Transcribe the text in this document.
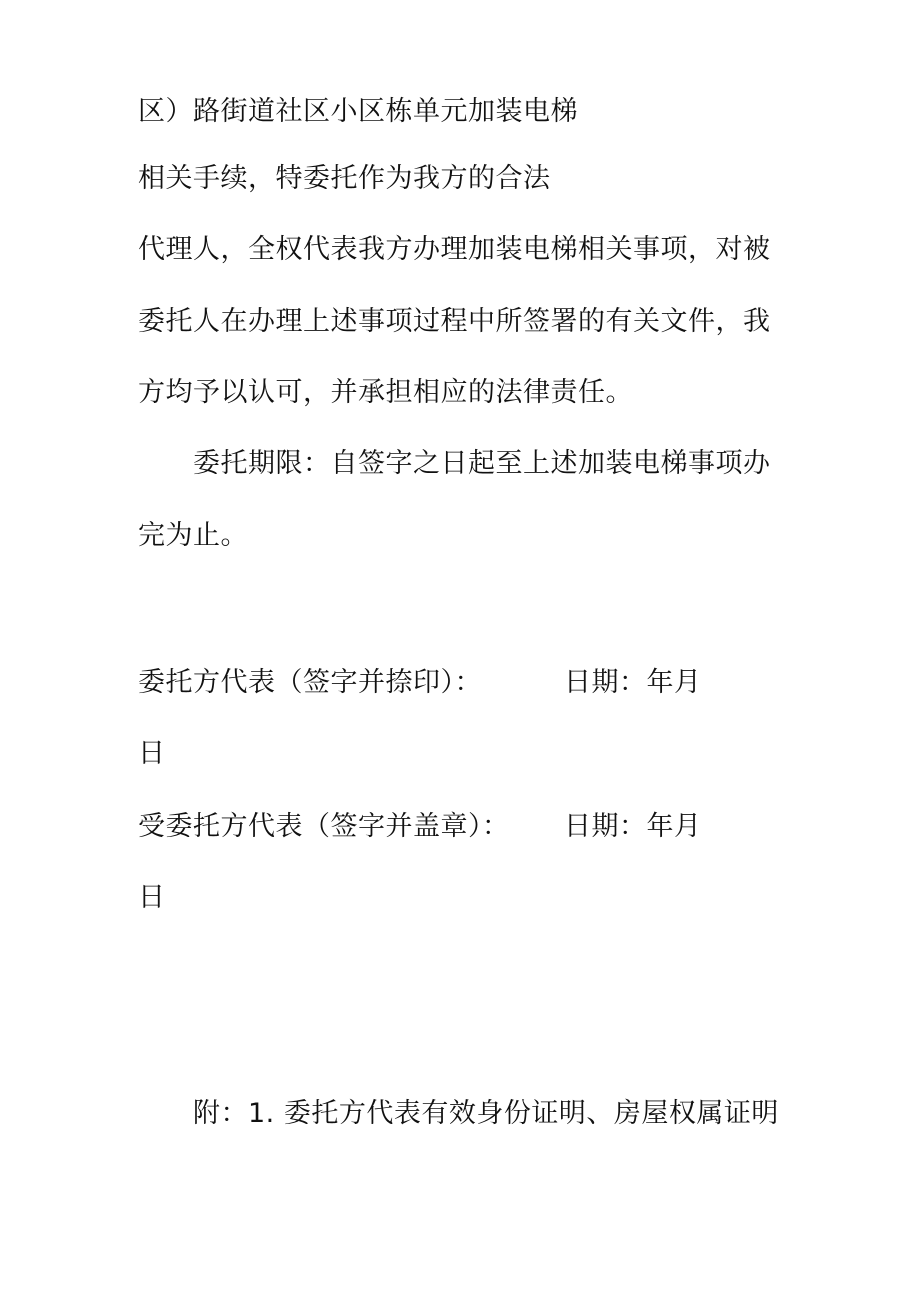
区）路街道社区小区栋单元加装电梯
相关手续，特委托作为我方的合法
代理人，全权代表我方办理加装电梯相关事项，对被
委托人在办理上述事项过程中所签署的有关文件，我
方均予以认可，并承担相应的法律责任。
委托期限：自签字之日起至上述加装电梯事项办
完为止。
委托方代表（签字并捺印）：	日期：年月
日
受委托方代表（签字并盖章）： 日期：年月
日
附：1. 委托方代表有效身份证明、房屋权属证明
